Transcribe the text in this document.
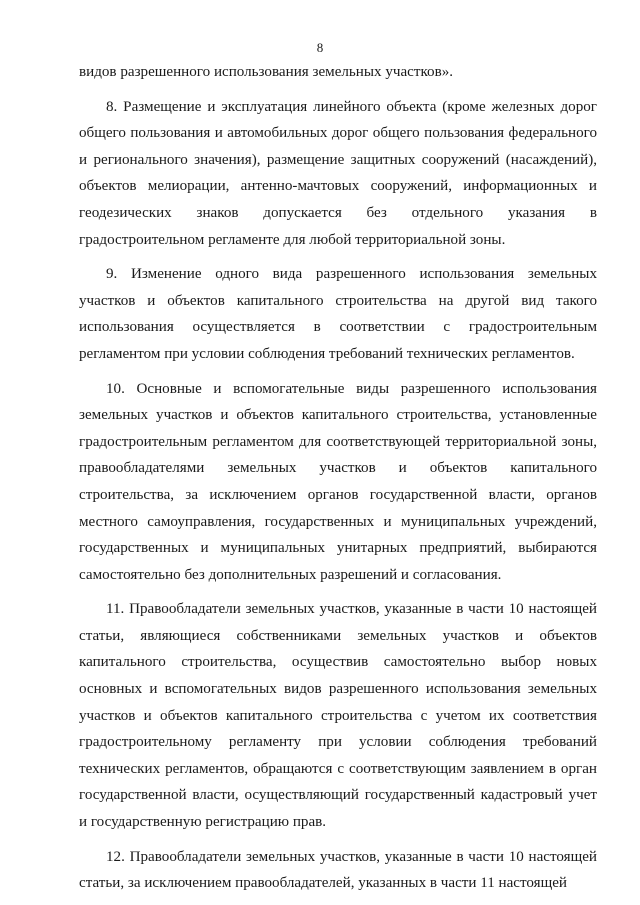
8

видов разрешенного использования земельных участков».

8. Размещение и эксплуатация линейного объекта (кроме железных дорог общего пользования и автомобильных дорог общего пользования федерального и регионального значения), размещение защитных сооружений (насаждений), объектов мелиорации, антенно-мачтовых сооружений, информационных и геодезических знаков допускается без отдельного указания в градостроительном регламенте для любой территориальной зоны.

9. Изменение одного вида разрешенного использования земельных участков и объектов капитального строительства на другой вид такого использования осуществляется в соответствии с градостроительным регламентом при условии соблюдения требований технических регламентов.

10. Основные и вспомогательные виды разрешенного использования земельных участков и объектов капитального строительства, установленные градостроительным регламентом для соответствующей территориальной зоны, правообладателями земельных участков и объектов капитального строительства, за исключением органов государственной власти, органов местного самоуправления, государственных и муниципальных учреждений, государственных и муниципальных унитарных предприятий, выбираются самостоятельно без дополнительных разрешений и согласования.

11. Правообладатели земельных участков, указанные в части 10 настоящей статьи, являющиеся собственниками земельных участков и объектов капитального строительства, осуществив самостоятельно выбор новых основных и вспомогательных видов разрешенного использования земельных участков и объектов капитального строительства с учетом их соответствия градостроительному регламенту при условии соблюдения требований технических регламентов, обращаются с соответствующим заявлением в орган государственной власти, осуществляющий государственный кадастровый учет и государственную регистрацию прав.

12. Правообладатели земельных участков, указанные в части 10 настоящей статьи, за исключением правообладателей, указанных в части 11 настоящей
